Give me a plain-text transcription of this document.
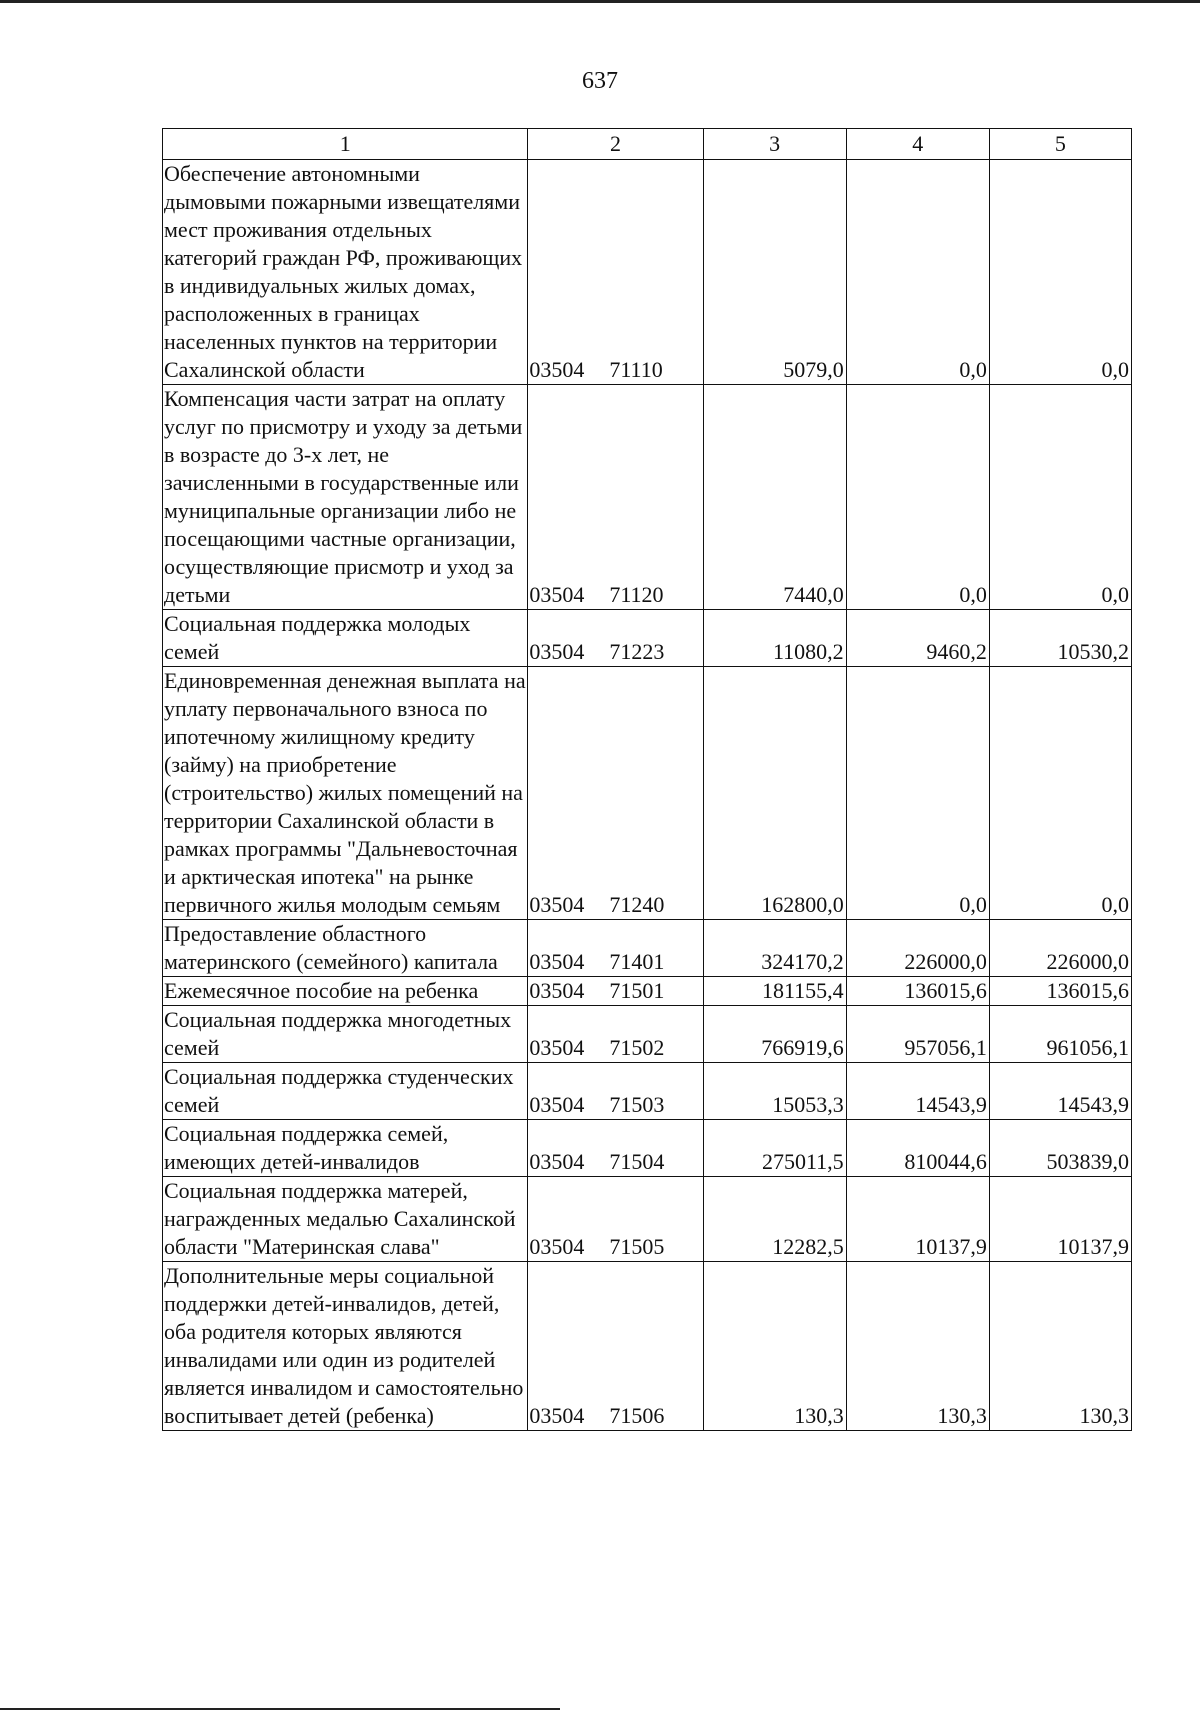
637
1	2	3	4	5
Обеспечение автономными дымовыми пожарными извещателями мест проживания отдельных категорий граждан РФ, проживающих в индивидуальных жилых домах, расположенных в границах населенных пунктов на территории Сахалинской области	03504 71110	5079,0	0,0	0,0
Компенсация части затрат на оплату услуг по присмотру и уходу за детьми в возрасте до 3-х лет, не зачисленными в государственные или муниципальные организации либо не посещающими частные организации, осуществляющие присмотр и уход за детьми	03504 71120	7440,0	0,0	0,0
Социальная поддержка молодых семей	03504 71223	11080,2	9460,2	10530,2
Единовременная денежная выплата на уплату первоначального взноса по ипотечному жилищному кредиту (займу) на приобретение (строительство) жилых помещений на территории Сахалинской области в рамках программы "Дальневосточная и арктическая ипотека" на рынке первичного жилья молодым семьям	03504 71240	162800,0	0,0	0,0
Предоставление областного материнского (семейного) капитала	03504 71401	324170,2	226000,0	226000,0
Ежемесячное пособие на ребенка	03504 71501	181155,4	136015,6	136015,6
Социальная поддержка многодетных семей	03504 71502	766919,6	957056,1	961056,1
Социальная поддержка студенческих семей	03504 71503	15053,3	14543,9	14543,9
Социальная поддержка семей, имеющих детей-инвалидов	03504 71504	275011,5	810044,6	503839,0
Социальная поддержка матерей, награжденных медалью Сахалинской области "Материнская слава"	03504 71505	12282,5	10137,9	10137,9
Дополнительные меры социальной поддержки детей-инвалидов, детей, оба родителя которых являются инвалидами или один из родителей является инвалидом и самостоятельно воспитывает детей (ребенка)	03504 71506	130,3	130,3	130,3
